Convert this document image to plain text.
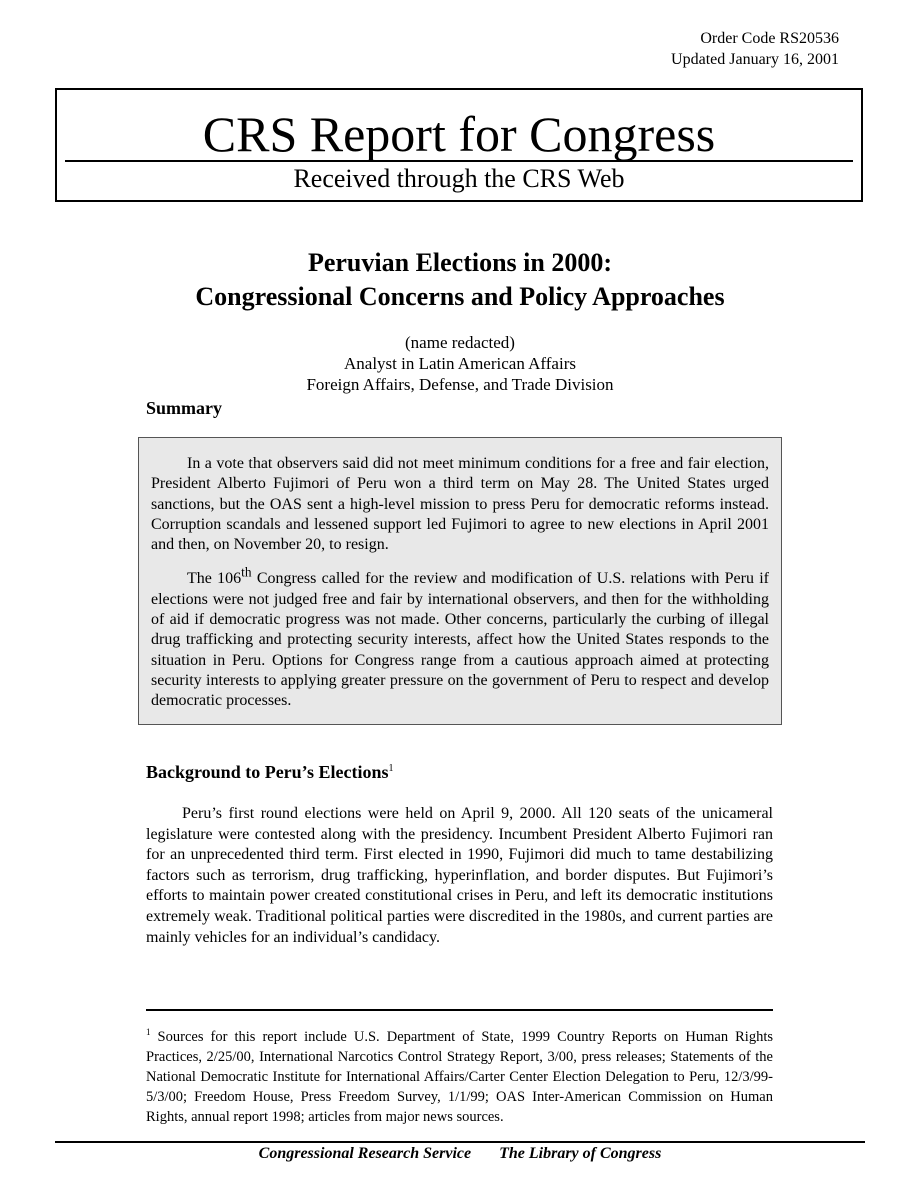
Order Code RS20536
Updated January 16, 2001
CRS Report for Congress
Received through the CRS Web
Peruvian Elections in 2000:
Congressional Concerns and Policy Approaches
(name redacted)
Analyst in Latin American Affairs
Foreign Affairs, Defense, and Trade Division
Summary

In a vote that observers said did not meet minimum conditions for a free and fair election, President Alberto Fujimori of Peru won a third term on May 28. The United States urged sanctions, but the OAS sent a high-level mission to press Peru for democratic reforms instead. Corruption scandals and lessened support led Fujimori to agree to new elections in April 2001 and then, on November 20, to resign.

The 106th Congress called for the review and modification of U.S. relations with Peru if elections were not judged free and fair by international observers, and then for the withholding of aid if democratic progress was not made. Other concerns, particularly the curbing of illegal drug trafficking and protecting security interests, affect how the United States responds to the situation in Peru. Options for Congress range from a cautious approach aimed at protecting security interests to applying greater pressure on the government of Peru to respect and develop democratic processes.

Background to Peru’s Elections$^1$

Peru’s first round elections were held on April 9, 2000. All 120 seats of the unicameral legislature were contested along with the presidency. Incumbent President Alberto Fujimori ran for an unprecedented third term. First elected in 1990, Fujimori did much to tame destabilizing factors such as terrorism, drug trafficking, hyperinflation, and border disputes. But Fujimori’s efforts to maintain power created constitutional crises in Peru, and left its democratic institutions extremely weak. Traditional political parties were discredited in the 1980s, and current parties are mainly vehicles for an individual’s candidacy.

$^1$ Sources for this report include U.S. Department of State, 1999 Country Reports on Human Rights Practices, 2/25/00, International Narcotics Control Strategy Report, 3/00, press releases; Statements of the National Democratic Institute for International Affairs/Carter Center Election Delegation to Peru, 12/3/99-5/3/00; Freedom House, Press Freedom Survey, 1/1/99; OAS Inter-American Commission on Human Rights, annual report 1998; articles from major news sources.
Congressional Research Service The Library of Congress
